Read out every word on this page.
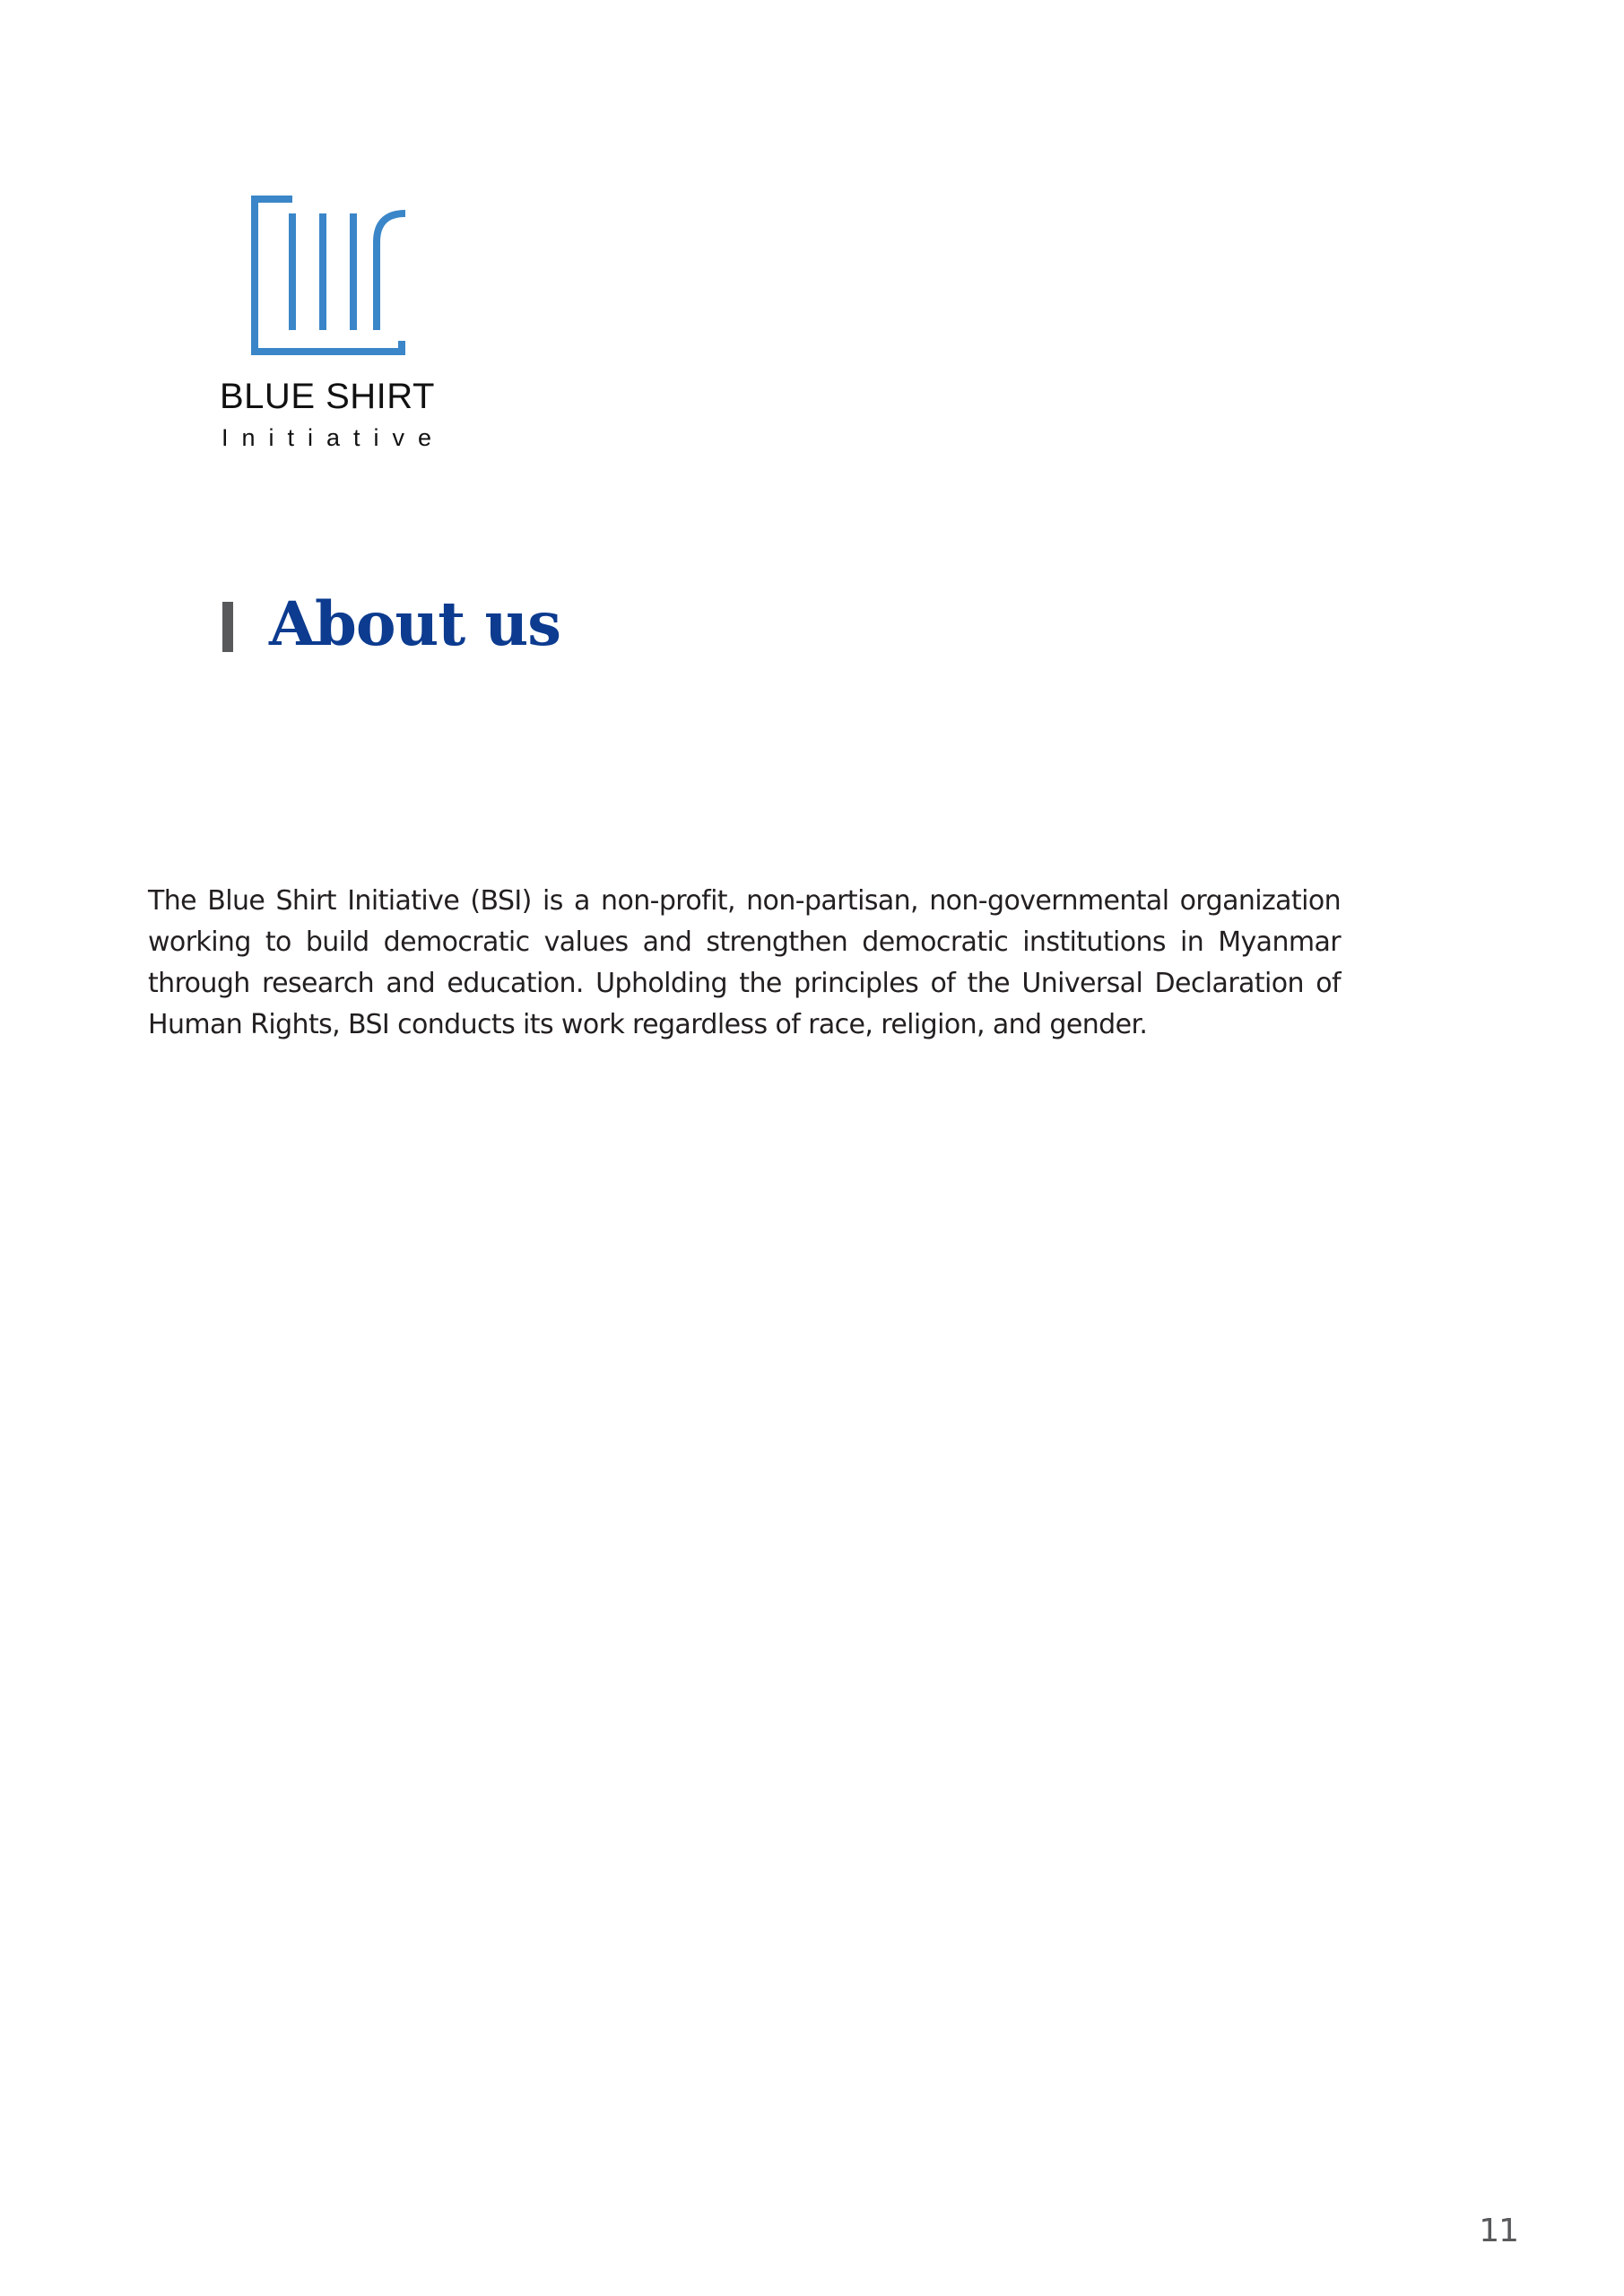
BLUE SHIRT
Initiative
About us

The Blue Shirt Initiative (BSI) is a non-profit, non-partisan, non-governmental organization working to build democratic values and strengthen democratic institutions in Myanmar through research and education. Upholding the principles of the Universal Declaration of Human Rights, BSI conducts its work regardless of race, religion, and gender.

11
